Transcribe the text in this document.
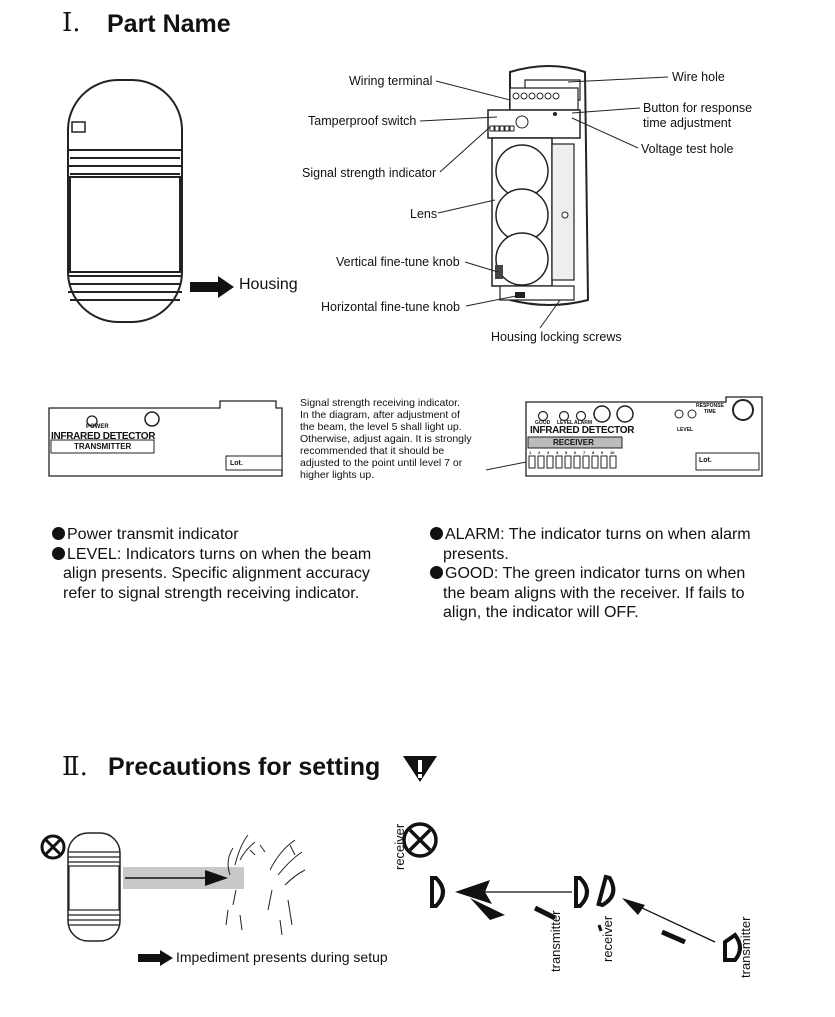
Ⅰ. Part Name
Housing
Wiring terminal
Tamperproof switch
Signal strength indicator
Lens
Vertical fine-tune knob
Horizontal fine-tune knob
Housing locking screws
Wire hole
Button for response
time adjustment
Voltage test hole
POWER
INFRARED DETECTOR
TRANSMITTER
Lot.
Signal strength receiving indicator.
In the diagram, after adjustment of
the beam, the level 5 shall light up.
Otherwise, adjust again. It is strongly
recommended that it should be
adjusted to the point until level 7 or
higher lights up.
GOOD LEVEL ALARM
INFRARED DETECTOR
RECEIVER
RESPONSE
TIME
LEVEL
Lot.
1 2 3 4 5 6 7 8 9 10

Power transmit indicator

LEVEL: Indicators turns on when the beam

align presents. Specific alignment accuracy

refer to signal strength receiving indicator.

ALARM: The indicator turns on when alarm

presents.

GOOD: The green indicator turns on when

the beam aligns with the receiver. If fails to

align, the indicator will OFF.

Ⅱ. Precautions for setting
Impediment presents during setup
receiver
transmitter	receiver	transmitter
